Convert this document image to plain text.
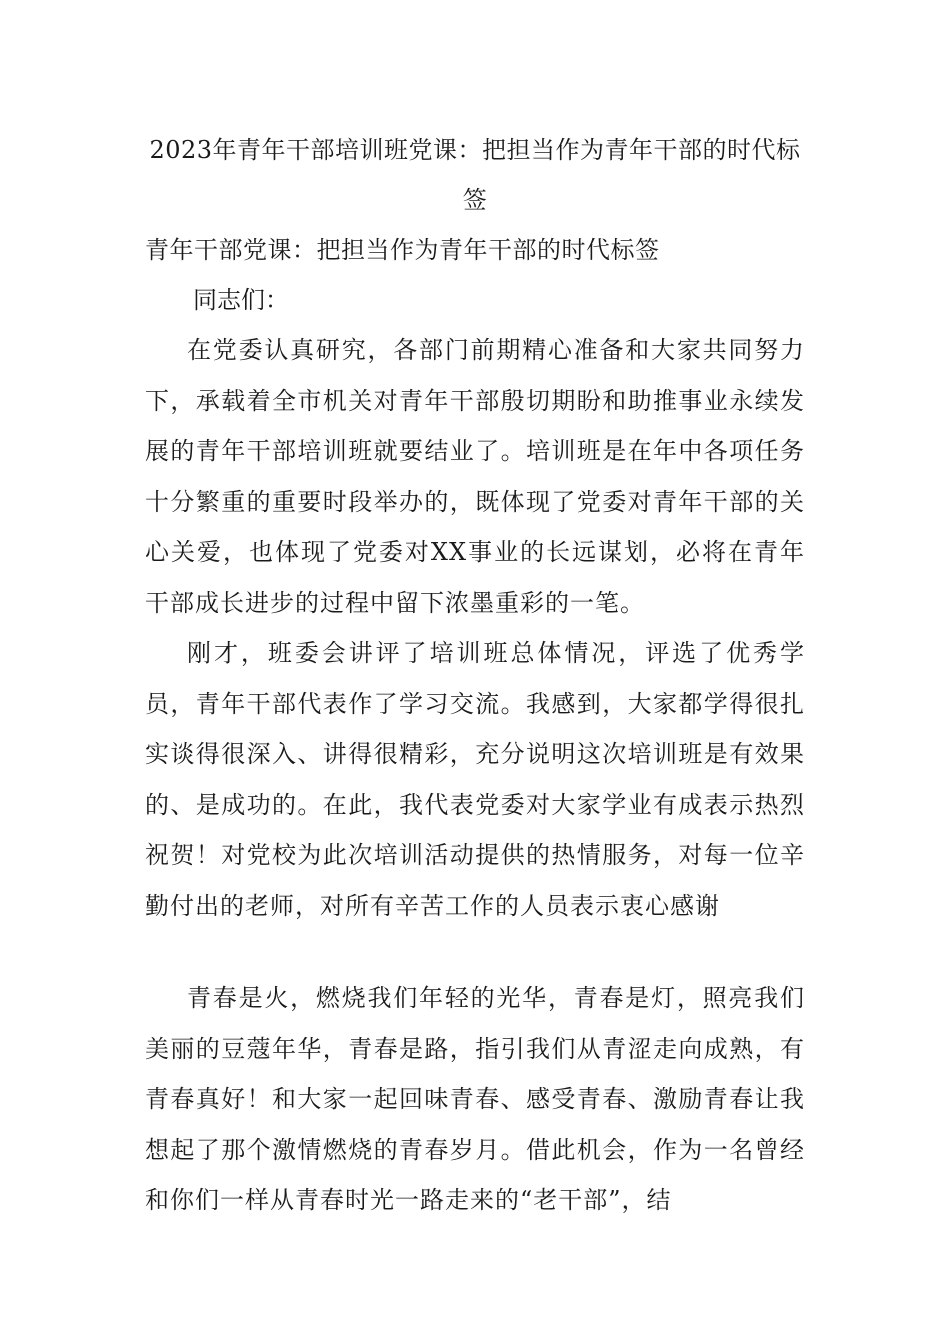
2023年青年干部培训班党课：把担当作为青年干部的时代标签

青年干部党课：把担当作为青年干部的时代标签

同志们：

在党委认真研究，各部门前期精心准备和大家共同努力下，承载着全市机关对青年干部殷切期盼和助推事业永续发展的青年干部培训班就要结业了。培训班是在年中各项任务十分繁重的重要时段举办的，既体现了党委对青年干部的关心关爱，也体现了党委对XX事业的长远谋划，必将在青年干部成长进步的过程中留下浓墨重彩的一笔。

刚才，班委会讲评了培训班总体情况，评选了优秀学员，青年干部代表作了学习交流。我感到，大家都学得很扎实谈得很深入、讲得很精彩，充分说明这次培训班是有效果的、是成功的。在此，我代表党委对大家学业有成表示热烈祝贺！对党校为此次培训活动提供的热情服务，对每一位辛勤付出的老师，对所有辛苦工作的人员表示衷心感谢

青春是火，燃烧我们年轻的光华，青春是灯，照亮我们美丽的豆蔻年华，青春是路，指引我们从青涩走向成熟，有青春真好！和大家一起回味青春、感受青春、激励青春让我想起了那个激情燃烧的青春岁月。借此机会，作为一名曾经和你们一样从青春时光一路走来的“老干部”，结
